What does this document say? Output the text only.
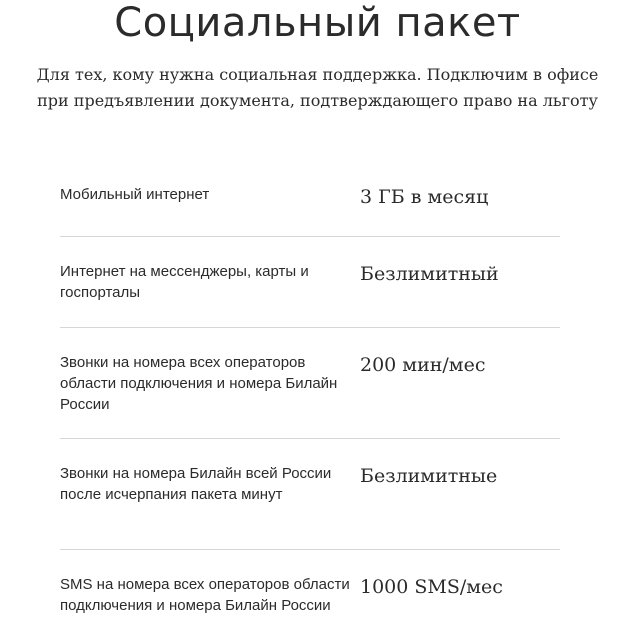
Социальный пакет
Для тех, кому нужна социальная поддержка. Подключим в офисе
при предъявлении документа, подтверждающего право на льготу
Мобильный интернет	3 ГБ в месяц
Интернет на мессенджеры, карты и госпорталы
Безлимитный
Звонки на номера всех операторов области подключения и номера Билайн России
200 мин/мес
Звонки на номера Билайн всей России после исчерпания пакета минут
Безлимитные
SMS на номера всех операторов области подключения и номера Билайн России
1000 SMS/мес
